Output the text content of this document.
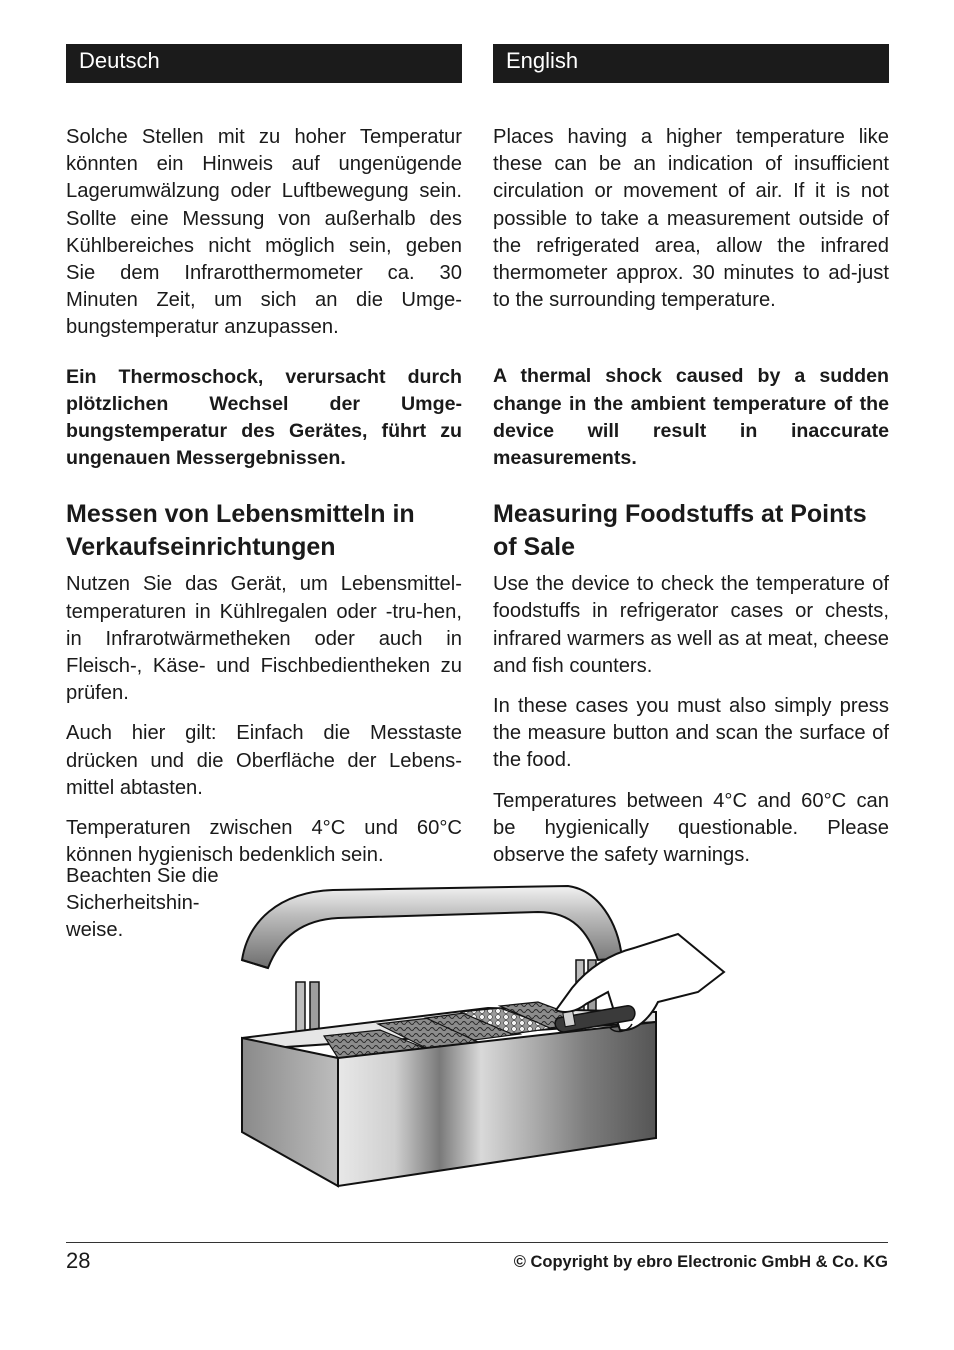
Deutsch

Solche Stellen mit zu hoher Temperatur könnten ein Hinweis auf ungenügende Lagerumwälzung oder Luftbewegung sein. Sollte eine Messung von außerhalb des Kühlbereiches nicht möglich sein, geben Sie dem Infrarotthermometer ca. 30 Minuten Zeit, um sich an die Umge-bungstemperatur anzupassen.

Ein Thermoschock, verursacht durch plötzlichen Wechsel der Umge-bungstemperatur des Gerätes, führt zu ungenauen Messergebnissen.

Messen von Lebensmitteln in Verkaufseinrichtungen

Nutzen Sie das Gerät, um Lebensmittel-temperaturen in Kühlregalen oder -tru-hen, in Infrarotwärmetheken oder auch in Fleisch-, Käse- und Fischbedientheken zu prüfen.

Auch hier gilt: Einfach die Messtaste drücken und die Oberfläche der Lebens-mittel abtasten.

Temperaturen zwischen 4°C und 60°C können hygienisch bedenklich sein.

Beachten Sie die
Sicherheitshin-
weise.
English

Places having a higher temperature like these can be an indication of insufficient circulation or movement of air. If it is not possible to take a measurement outside of the refrigerated area, allow the infrared thermometer approx. 30 minutes to ad-just to the surrounding temperature.

A thermal shock caused by a sudden change in the ambient temperature of the device will result in inaccurate measurements.

Measuring Foodstuffs at Points of Sale

Use the device to check the temperature of foodstuffs in refrigerator cases or chests, infrared warmers as well as at meat, cheese and fish counters.

In these cases you must also simply press the measure button and scan the surface of the food.

Temperatures between 4°C and 60°C can be hygienically questionable. Please observe the safety warnings.

28	© Copyright by ebro Electronic GmbH & Co. KG
